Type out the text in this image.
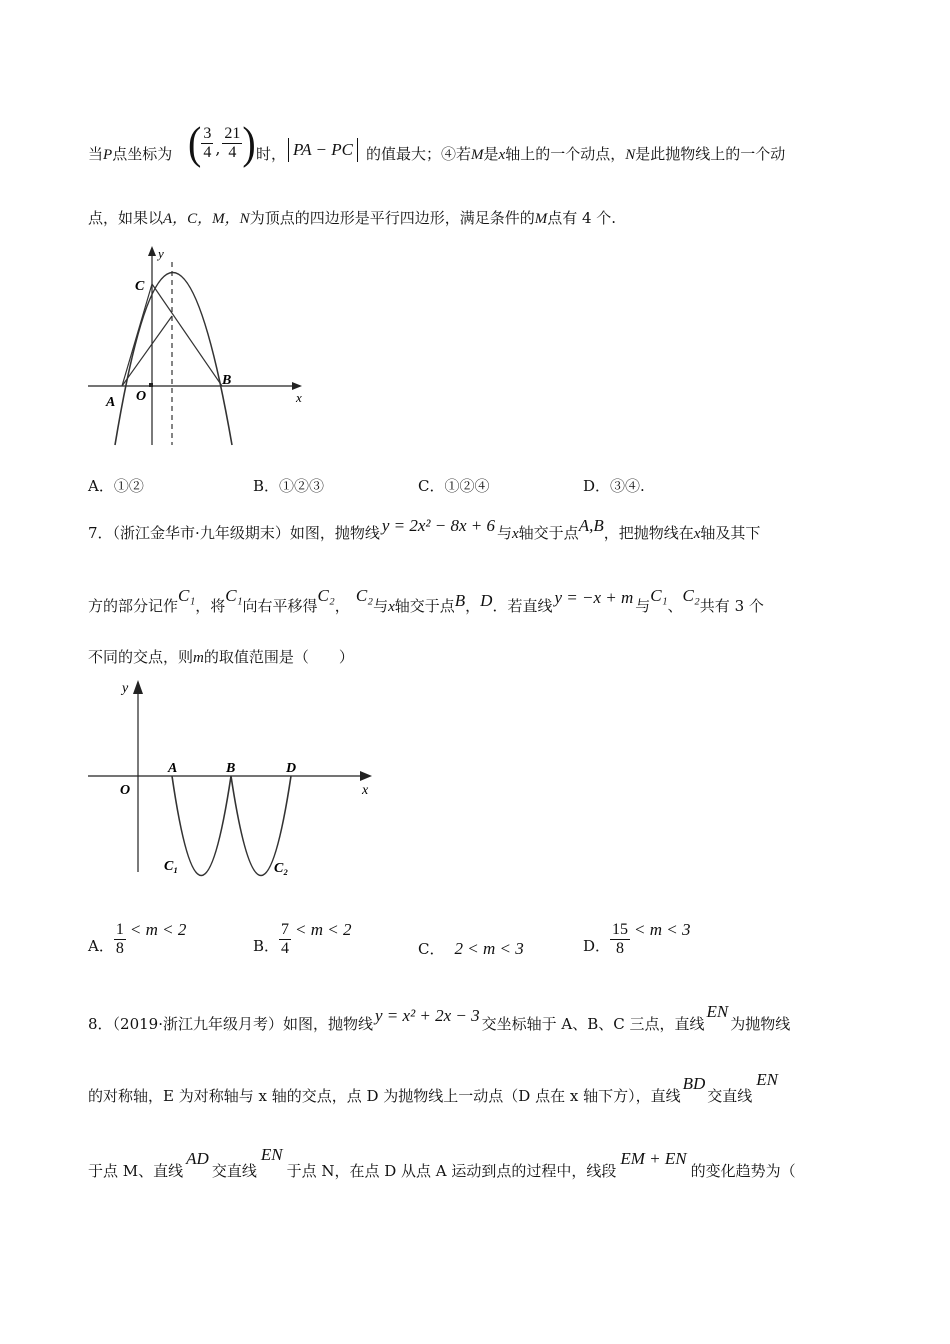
当P点坐标为 ( $\frac{3}{4}$ , $\frac{21}{4}$ ) 时， PA − PC 的值最大；④若M是x轴上的一个动点，N是此抛物线上的一个动
点，如果以A，C，M，N为顶点的四边形是平行四边形，满足条件的M点有 4 个.
y
x
C
A O
B
A．①②	B．①②③	C．①②④	D．③④.
7．（浙江金华市·九年级期末）如图，抛物线 y = 2x² − 8x + 6 与x轴交于点A,B，把抛物线在x轴及其下
方的部分记作C₁，将C₁向右平移得C₂，C₂与x轴交于点B，D．若直线 y = −x + m 与C₁、C₂共有 3 个
不同的交点，则m的取值范围是（　　）
y
x
O
A	B	D
C₁	C₂
A． $\frac{1}{8} < m < 2$
B． $\frac{7}{4} < m < 2$
C． 2 < m < 3	D． $\frac{15}{8} < m < 3$
8．（2019·浙江九年级月考）如图，抛物线 y = x² + 2x − 3 交坐标轴于 A、B、C 三点，直线EN为抛物线
的对称轴，E 为对称轴与 x 轴的交点，点 D 为抛物线上一动点（D 点在 x 轴下方），直线BD交直线EN
于点 M、直线AD交直线EN于点 N，在点 D 从点 A 运动到点的过程中，线段EM + EN的变化趋势为（
